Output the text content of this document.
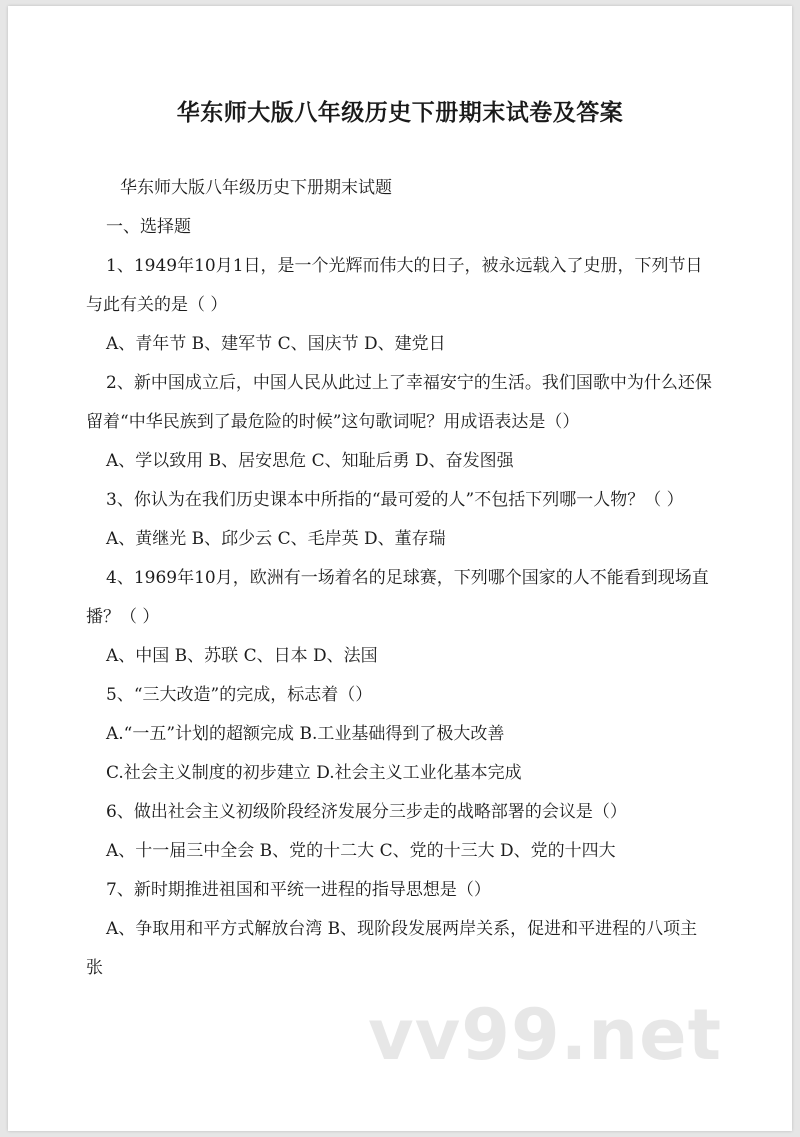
华东师大版八年级历史下册期末试卷及答案

华东师大版八年级历史下册期末试题

一、选择题

1、1949年10月1日，是一个光辉而伟大的日子，被永远载入了史册，下列节日与此有关的是（ ）

A、青年节 B、建军节 C、国庆节 D、建党日

2、新中国成立后，中国人民从此过上了幸福安宁的生活。我们国歌中为什么还保留着“中华民族到了最危险的时候”这句歌词呢？用成语表达是（）

A、学以致用 B、居安思危 C、知耻后勇 D、奋发图强

3、你认为在我们历史课本中所指的“最可爱的人”不包括下列哪一人物？（ ）

A、黄继光 B、邱少云 C、毛岸英 D、董存瑞

4、1969年10月，欧洲有一场着名的足球赛，下列哪个国家的人不能看到现场直播？（ ）

A、中国 B、苏联 C、日本 D、法国

5、“三大改造”的完成，标志着（）

A.“一五”计划的超额完成 B.工业基础得到了极大改善

C.社会主义制度的初步建立 D.社会主义工业化基本完成

6、做出社会主义初级阶段经济发展分三步走的战略部署的会议是（）

A、十一届三中全会 B、党的十二大 C、党的十三大 D、党的十四大

7、新时期推进祖国和平统一进程的指导思想是（）

A、争取用和平方式解放台湾 B、现阶段发展两岸关系，促进和平进程的八项主张

vv99.net
